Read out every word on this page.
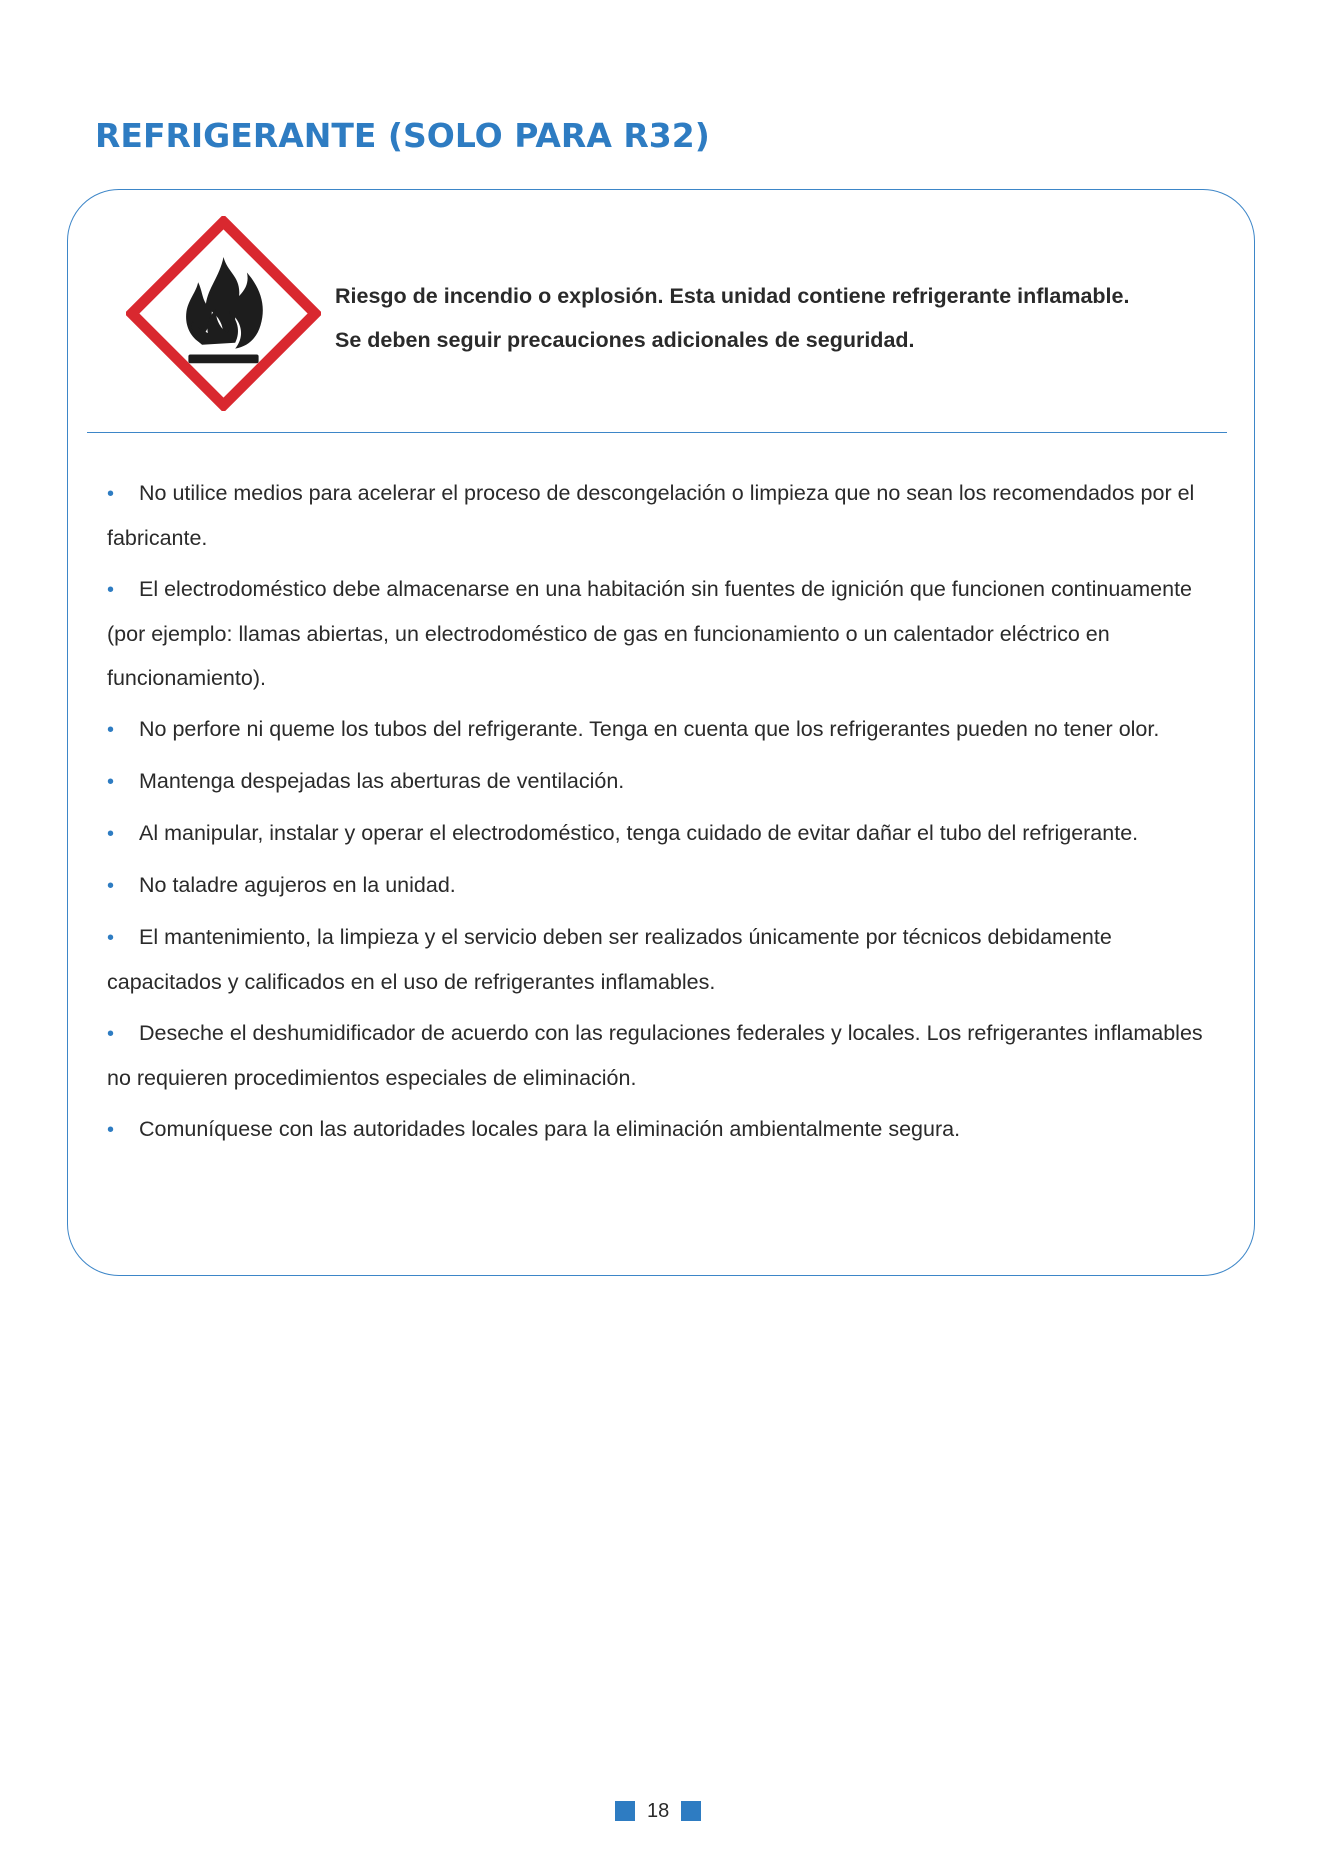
REFRIGERANTE (SOLO PARA R32)

Riesgo de incendio o explosión. Esta unidad contiene refrigerante inflamable.

Se deben seguir precauciones adicionales de seguridad.

• No utilice medios para acelerar el proceso de descongelación o limpieza que no sean los recomendados por el fabricante.
• El electrodoméstico debe almacenarse en una habitación sin fuentes de ignición que funcionen continuamente (por ejemplo: llamas abiertas, un electrodoméstico de gas en funcionamiento o un calentador eléctrico en funcionamiento).
• No perfore ni queme los tubos del refrigerante. Tenga en cuenta que los refrigerantes pueden no tener olor.
• Mantenga despejadas las aberturas de ventilación.
• Al manipular, instalar y operar el electrodoméstico, tenga cuidado de evitar dañar el tubo del refrigerante.
• No taladre agujeros en la unidad.
• El mantenimiento, la limpieza y el servicio deben ser realizados únicamente por técnicos debidamente capacitados y calificados en el uso de refrigerantes inflamables.
• Deseche el deshumidificador de acuerdo con las regulaciones federales y locales. Los refrigerantes inflamables no requieren procedimientos especiales de eliminación.
• Comuníquese con las autoridades locales para la eliminación ambientalmente segura.
18
